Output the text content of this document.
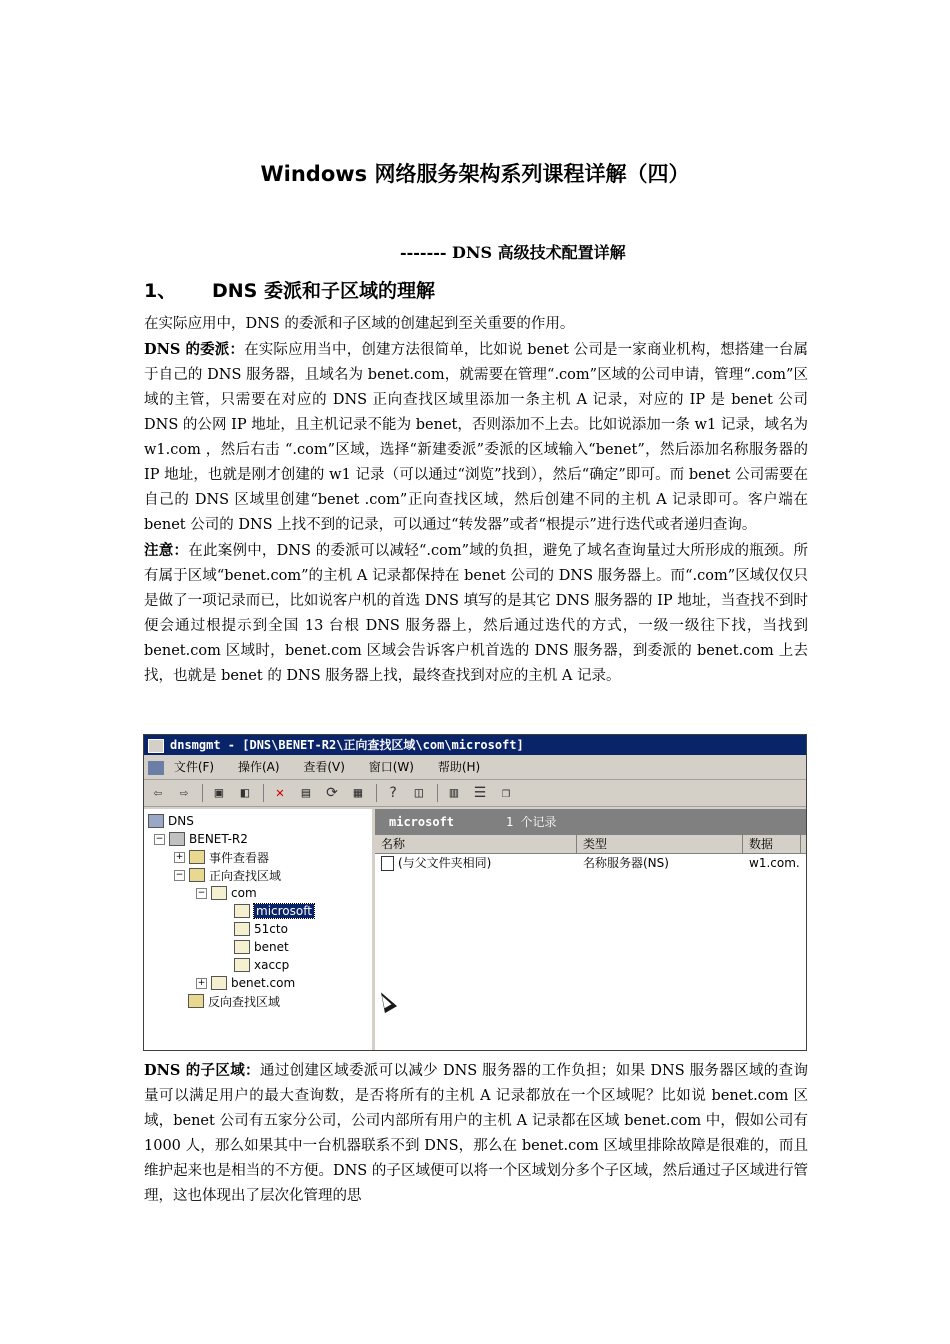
Windows 网络服务架构系列课程详解（四）
------- DNS 高级技术配置详解
1、 DNS 委派和子区域的理解
在实际应用中，DNS 的委派和子区域的创建起到至关重要的作用。
DNS 的委派：在实际应用当中，创建方法很简单，比如说 benet 公司是一家商业机构，想搭建一台属于自己的 DNS 服务器，且域名为 benet.com，就需要在管理“.com”区域的公司申请，管理“.com”区域的主管，只需要在对应的 DNS 正向查找区域里添加一条主机 A 记录，对应的 IP 是 benet 公司 DNS 的公网 IP 地址，且主机记录不能为 benet，否则添加不上去。比如说添加一条 w1 记录，域名为 w1.com ，然后右击 “.com”区域，选择“新建委派”委派的区域输入“benet”，然后添加名称服务器的 IP 地址，也就是刚才创建的 w1 记录（可以通过“浏览”找到），然后“确定”即可。而 benet 公司需要在自己的 DNS 区域里创建“benet .com”正向查找区域，然后创建不同的主机 A 记录即可。客户端在 benet 公司的 DNS 上找不到的记录，可以通过“转发器”或者“根提示”进行迭代或者递归查询。
注意：在此案例中，DNS 的委派可以减轻“.com”域的负担，避免了域名查询量过大所形成的瓶颈。所有属于区域“benet.com”的主机 A 记录都保持在 benet 公司的 DNS 服务器上。而“.com”区域仅仅只是做了一项记录而已，比如说客户机的首选 DNS 填写的是其它 DNS 服务器的 IP 地址，当查找不到时便会通过根提示到全国 13 台根 DNS 服务器上，然后通过迭代的方式，一级一级往下找，当找到 benet.com 区域时，benet.com 区域会告诉客户机首选的 DNS 服务器，到委派的 benet.com 上去找，也就是 benet 的 DNS 服务器上找，最终查找到对应的主机 A 记录。
dnsmgmt - [DNS\BENET-R2\正向查找区域\com\microsoft]
文件(F) 操作(A) 查看(V) 窗口(W) 帮助(H)
⇦	⇨	▣	◧	✕	▤	⟳	▦	?	◫	▥	☰	❐
DNS
− BENET-R2
+ 事件查看器
− 正向查找区域
− com
microsoft
51cto
benet
xaccp
+ benet.com
反向查找区域
microsoft	1 个记录
名称	类型	数据
(与父文件夹相同)	名称服务器(NS)	w1.com.
DNS 的子区域：通过创建区域委派可以减少 DNS 服务器的工作负担；如果 DNS 服务器区域的查询量可以满足用户的最大查询数，是否将所有的主机 A 记录都放在一个区域呢？比如说 benet.com 区域，benet 公司有五家分公司，公司内部所有用户的主机 A 记录都在区域 benet.com 中，假如公司有 1000 人，那么如果其中一台机器联系不到 DNS，那么在 benet.com 区域里排除故障是很难的，而且维护起来也是相当的不方便。DNS 的子区域便可以将一个区域划分多个子区域，然后通过子区域进行管理，这也体现出了层次化管理的思
